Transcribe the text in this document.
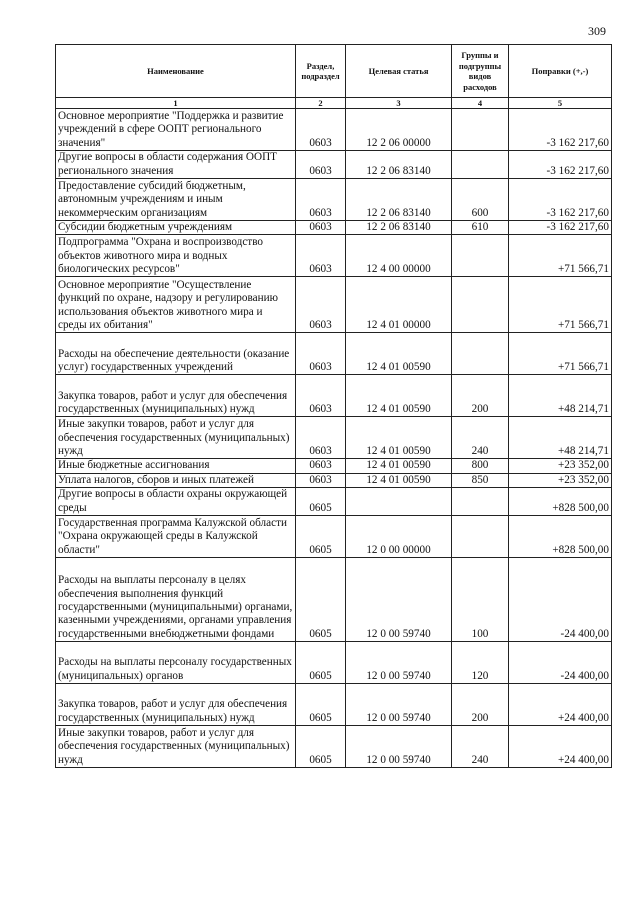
309
Наименование	Раздел, подраздел	Целевая статья	Группы и подгруппы видов расходов	Поправки (+,-)
1	2	3	4	5
Основное мероприятие "Поддержка и развитие учреждений в сфере ООПТ регионального значения"	0603	12 2 06 00000		-3 162 217,60
Другие вопросы в области содержания ООПТ регионального значения	0603	12 2 06 83140		-3 162 217,60
Предоставление субсидий бюджетным, автономным учреждениям и иным некоммерческим организациям	0603	12 2 06 83140	600	-3 162 217,60
Субсидии бюджетным учреждениям	0603	12 2 06 83140	610	-3 162 217,60
Подпрограмма "Охрана и воспроизводство объектов животного мира и водных биологических ресурсов"	0603	12 4 00 00000		+71 566,71
Основное мероприятие "Осуществление функций по охране, надзору и регулированию использования объектов животного мира и среды их обитания"	0603	12 4 01 00000		+71 566,71
Расходы на обеспечение деятельности (оказание услуг) государственных учреждений	0603	12 4 01 00590		+71 566,71
Закупка товаров, работ и услуг для обеспечения государственных (муниципальных) нужд	0603	12 4 01 00590	200	+48 214,71
Иные закупки товаров, работ и услуг для обеспечения государственных (муниципальных) нужд	0603	12 4 01 00590	240	+48 214,71
Иные бюджетные ассигнования	0603	12 4 01 00590	800	+23 352,00
Уплата налогов, сборов и иных платежей	0603	12 4 01 00590	850	+23 352,00
Другие вопросы в области охраны окружающей среды	0605			+828 500,00
Государственная программа Калужской области "Охрана окружающей среды в Калужской области"	0605	12 0 00 00000		+828 500,00
Расходы на выплаты персоналу в целях обеспечения выполнения функций государственными (муниципальными) органами, казенными учреждениями, органами управления государственными внебюджетными фондами	0605	12 0 00 59740	100	-24 400,00
Расходы на выплаты персоналу государственных (муниципальных) органов	0605	12 0 00 59740	120	-24 400,00
Закупка товаров, работ и услуг для обеспечения государственных (муниципальных) нужд	0605	12 0 00 59740	200	+24 400,00
Иные закупки товаров, работ и услуг для обеспечения государственных (муниципальных) нужд	0605	12 0 00 59740	240	+24 400,00
